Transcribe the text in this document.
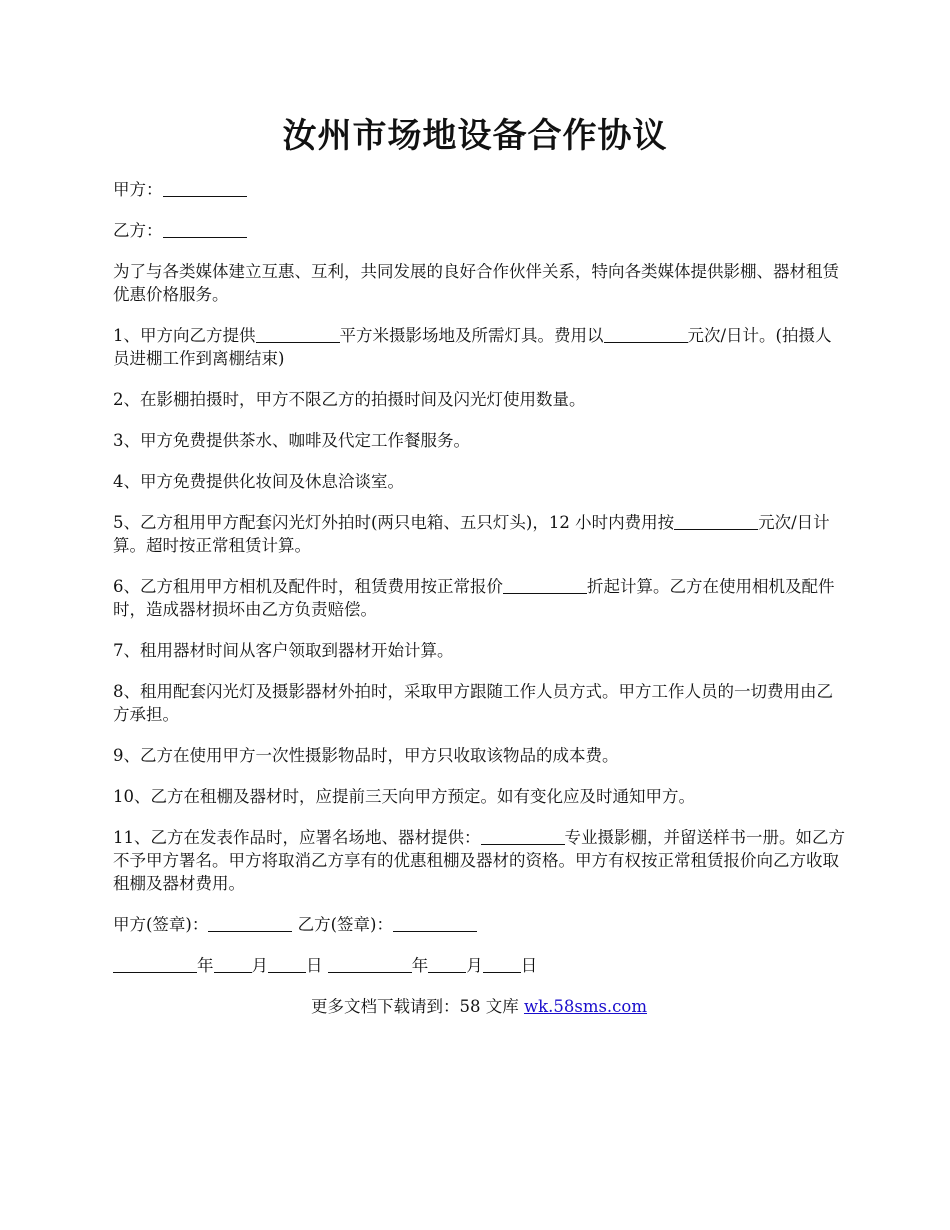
汝州市场地设备合作协议

甲方：

乙方：

为了与各类媒体建立互惠、互利，共同发展的良好合作伙伴关系，特向各类媒体提供影棚、器材租赁优惠价格服务。

1、甲方向乙方提供	平方米摄影场地及所需灯具。费用以	元次/日计。(拍摄人员进棚工作到离棚结束)

2、在影棚拍摄时，甲方不限乙方的拍摄时间及闪光灯使用数量。

3、甲方免费提供茶水、咖啡及代定工作餐服务。

4、甲方免费提供化妆间及休息洽谈室。

5、乙方租用甲方配套闪光灯外拍时(两只电箱、五只灯头)，12 小时内费用按	元次/日计算。超时按正常租赁计算。

6、乙方租用甲方相机及配件时，租赁费用按正常报价	折起计算。乙方在使用相机及配件时，造成器材损坏由乙方负责赔偿。

7、租用器材时间从客户领取到器材开始计算。

8、租用配套闪光灯及摄影器材外拍时，采取甲方跟随工作人员方式。甲方工作人员的一切费用由乙方承担。

9、乙方在使用甲方一次性摄影物品时，甲方只收取该物品的成本费。

10、乙方在租棚及器材时，应提前三天向甲方预定。如有变化应及时通知甲方。

11、乙方在发表作品时，应署名场地、器材提供：	专业摄影棚，并留送样书一册。如乙方不予甲方署名。甲方将取消乙方享有的优惠租棚及器材的资格。甲方有权按正常租赁报价向乙方收取租棚及器材费用。

甲方(签章)：	乙方(签章)：

年 月 日	年 月 日

更多文档下载请到：58 文库 wk.58sms.com
